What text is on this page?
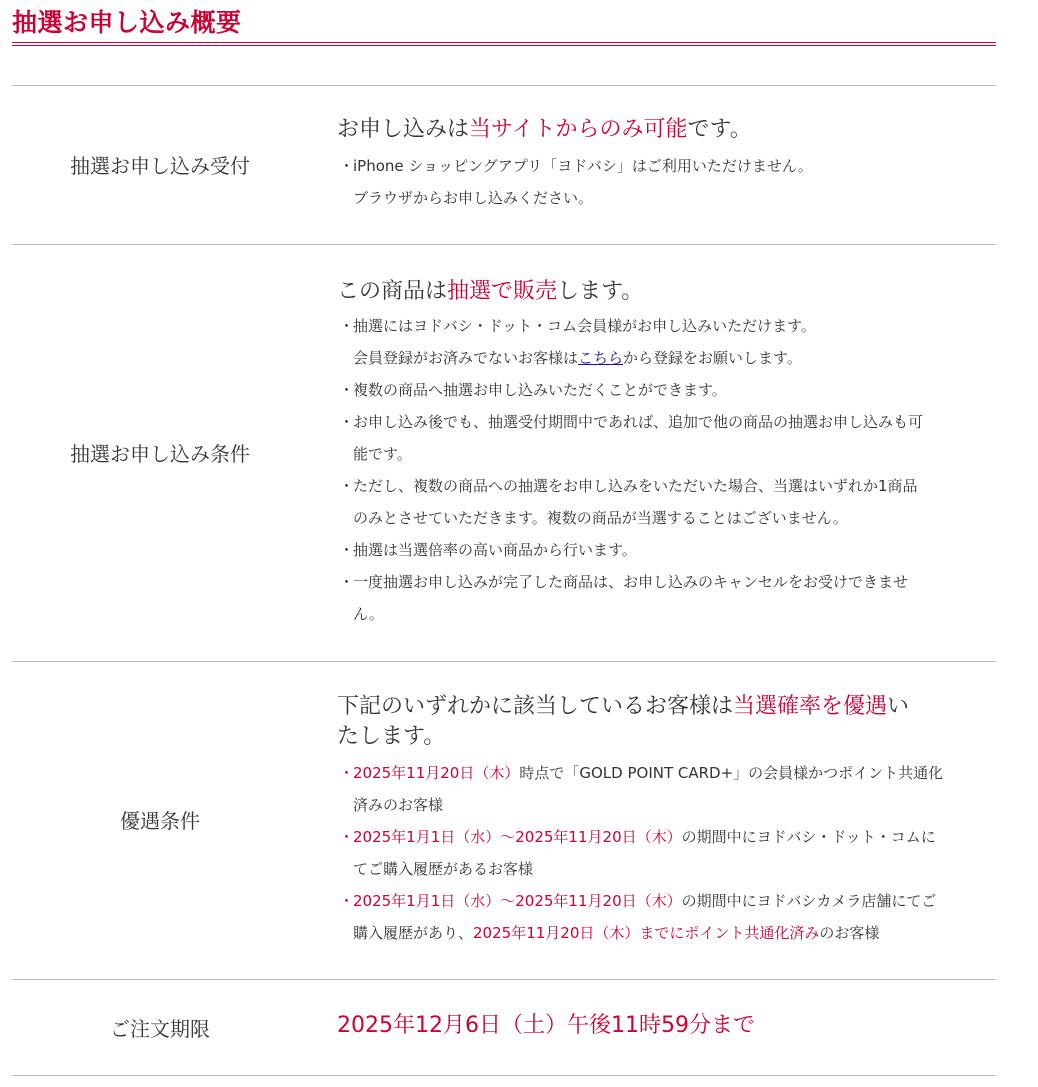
抽選お申し込み概要
抽選お申し込み受付
お申し込みは当サイトからのみ可能です。
・
iPhone ショッピングアプリ「ヨドバシ」はご利用いただけません。
ブラウザからお申し込みください。
抽選お申し込み条件
この商品は抽選で販売します。
・
抽選にはヨドバシ・ドット・コム会員様がお申し込みいただけます。
会員登録がお済みでないお客様はこちらから登録をお願いします。
・
複数の商品へ抽選お申し込みいただくことができます。
・
お申し込み後でも、抽選受付期間中であれば、追加で他の商品の抽選お申し込みも可
能です。
・
ただし、複数の商品への抽選をお申し込みをいただいた場合、当選はいずれか1商品
のみとさせていただきます。複数の商品が当選することはございません。
・
抽選は当選倍率の高い商品から行います。
・
一度抽選お申し込みが完了した商品は、お申し込みのキャンセルをお受けできませ
ん。
優遇条件
下記のいずれかに該当しているお客様は当選確率を優遇い
たします。
・
2025年11月20日（木）時点で「GOLD POINT CARD+」の会員様かつポイント共通化
済みのお客様
・
2025年1月1日（水）～2025年11月20日（木）の期間中にヨドバシ・ドット・コムに
てご購入履歴があるお客様
・
2025年1月1日（水）～2025年11月20日（木）の期間中にヨドバシカメラ店舗にてご
購入履歴があり、2025年11月20日（木）までにポイント共通化済みのお客様
ご注文期限	2025年12月6日（土）午後11時59分まで
